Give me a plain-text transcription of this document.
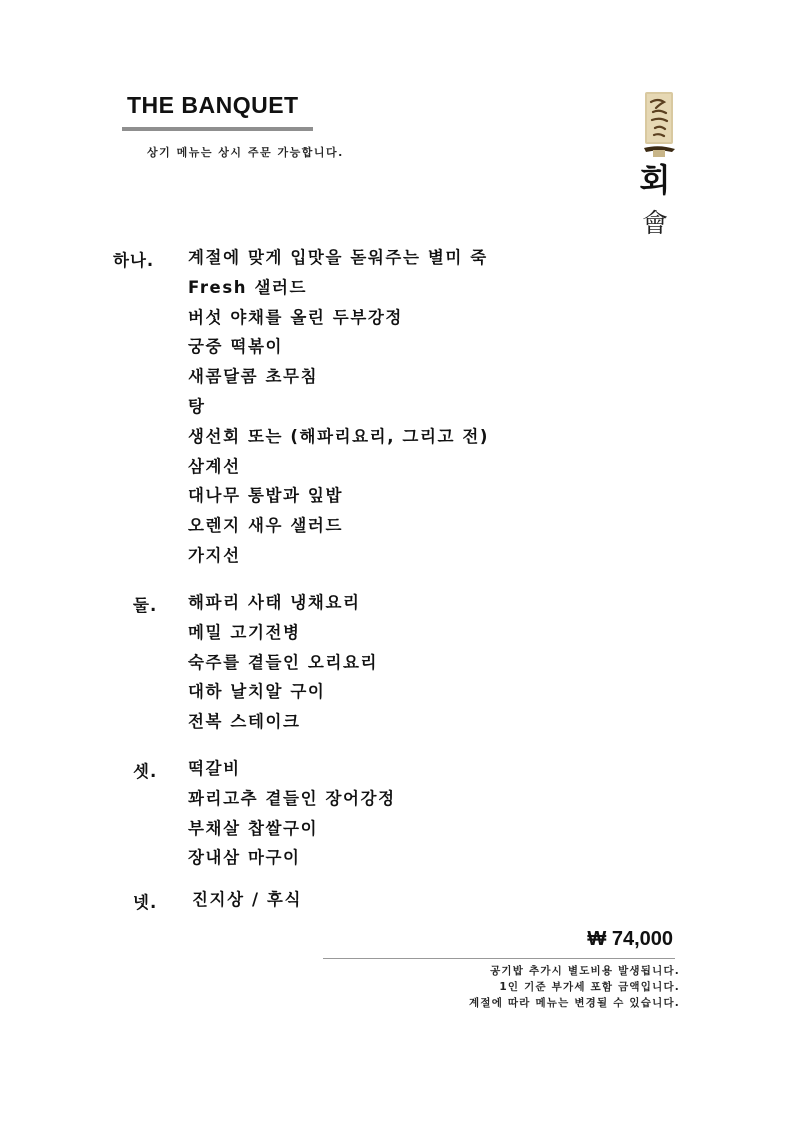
THE BANQUET
상기 메뉴는 상시 주문 가능합니다.
회
會
하나. 계절에 맞게 입맛을 돋워주는 별미 죽
Fresh 샐러드
버섯 야채를 올린 두부강정
궁중 떡볶이
새콤달콤 초무침
탕
생선회 또는 (해파리요리, 그리고 전)
삼계선
대나무 통밥과 잎밥
오렌지 새우 샐러드
가지선
둘. 해파리 사태 냉채요리
메밀 고기전병
숙주를 곁들인 오리요리
대하 날치알 구이
전복 스테이크
셋. 떡갈비
꽈리고추 곁들인 장어강정
부채살 찹쌀구이
장내삼 마구이
넷. 진지상 / 후식
₩ 74,000
공기밥 추가시 별도비용 발생됩니다.
1인 기준 부가세 포함 금액입니다.
계절에 따라 메뉴는 변경될 수 있습니다.
